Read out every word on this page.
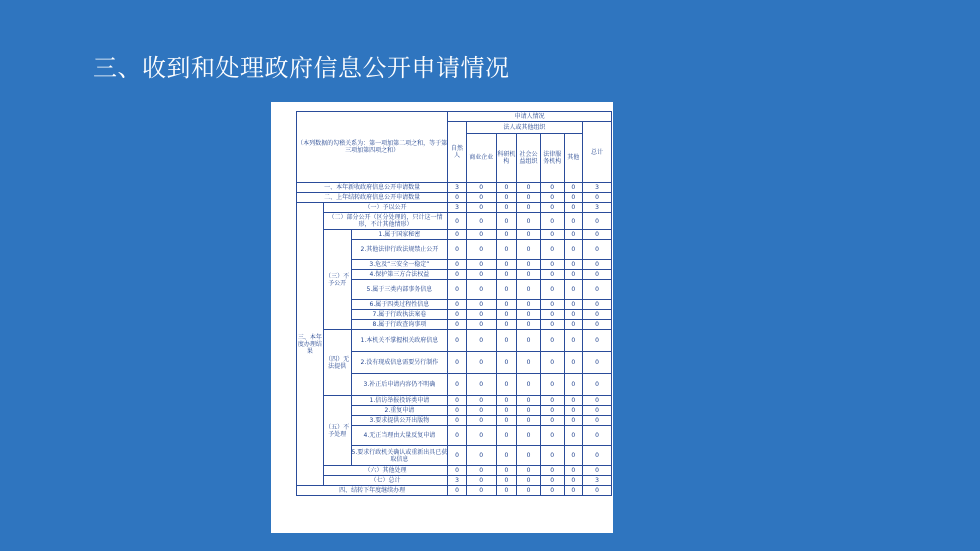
三、收到和处理政府信息公开申请情况
（本列数据的勾稽关系为：第一项加第二项之和，等于第三项加第四项之和）			申请人情况						
			自然人	法人或其他组织					总计
				商业企业	科研机构	社会公益组织	法律服务机构	其他	
一、本年新收政府信息公开申请数量			3	0	0	0	0	0	3
二、上年结转政府信息公开申请数量			0	0	0	0	0	0	0
三、本年度办理结果	（一）予以公开		3	0	0	0	0	0	3
	（二）部分公开（区分处理的，只计这一情形，不计其他情形）		0	0	0	0	0	0	0
	（三）不予公开	1.属于国家秘密	0	0	0	0	0	0	0
		2.其他法律行政法规禁止公开	0	0	0	0	0	0	0
		3.危及“三安全一稳定”	0	0	0	0	0	0	0
		4.保护第三方合法权益	0	0	0	0	0	0	0
		5.属于三类内部事务信息	0	0	0	0	0	0	0
		6.属于四类过程性信息	0	0	0	0	0	0	0
		7.属于行政执法案卷	0	0	0	0	0	0	0
		8.属于行政查询事项	0	0	0	0	0	0	0
	（四）无法提供	1.本机关不掌握相关政府信息	0	0	0	0	0	0	0
		2.没有现成信息需要另行制作	0	0	0	0	0	0	0
		3.补正后申请内容仍不明确	0	0	0	0	0	0	0
	（五）不予处理	1.信访举报投诉类申请	0	0	0	0	0	0	0
		2.重复申请	0	0	0	0	0	0	0
		3.要求提供公开出版物	0	0	0	0	0	0	0
		4.无正当理由大量反复申请	0	0	0	0	0	0	0
		5.要求行政机关确认或重新出具已获取信息	0	0	0	0	0	0	0
	（六）其他处理		0	0	0	0	0	0	0
	（七）总计		3	0	0	0	0	0	3
四、结转下年度继续办理			0	0	0	0	0	0	0
